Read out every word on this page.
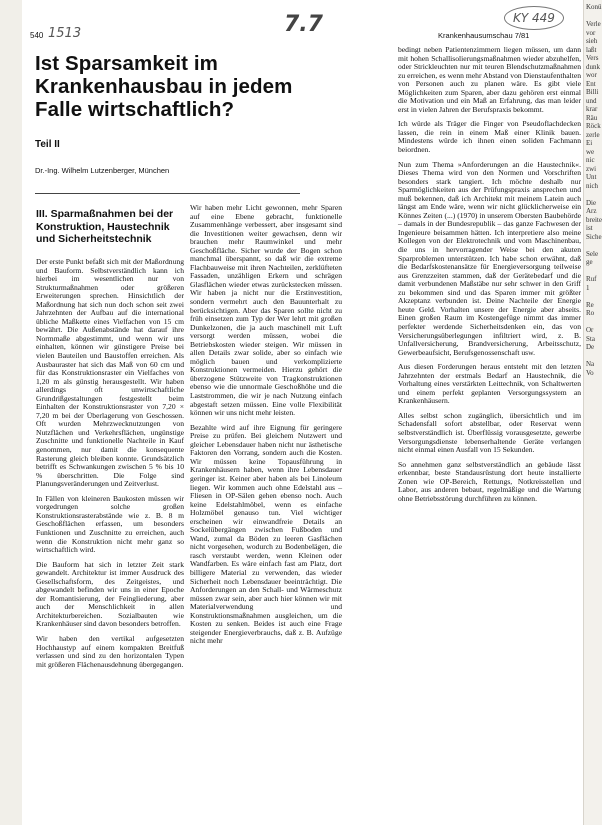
540 1513	7.7	KY 449
Krankenhausumschau 7/81
Ist Sparsamkeit im Krankenhausbau in jedem Falle wirtschaftlich?
Teil II
Dr.-Ing. Wilhelm Lutzenberger, München
III. Sparmaßnahmen bei der Konstruktion, Haustechnik und Sicherheitstechnik

Der erste Punkt befaßt sich mit der Maßordnung und Bauform. Selbstverständlich kann ich hierbei im wesentlichen nur von Strukturmaßnahmen oder größeren Erweiterungen sprechen. Hinsichtlich der Maßordnung hat sich nun doch schon seit zwei Jahrzehnten der Aufbau auf die international übliche Maßkette eines Vielfachen von 15 cm bewährt. Die Außenabstände hat darauf ihre Normmaße abgestimmt, und wenn wir uns einhalten, können wir günstigere Preise bei vielen Bauteilen und Baustoffen erreichen. Als Ausbauraster hat sich das Maß von 60 cm und für das Konstruktionsraster ein Vielfaches von 1,20 m als günstig herausgestellt. Wir haben allerdings oft unwirtschaftliche Grundrißgestaltungen festgestellt beim Einhalten der Konstruktionsraster von 7,20 × 7,20 m bei der Überlagerung von Geschossen. Oft wurden Mehrzwecknutzungen von Nutzflächen und Verkehrsflächen, ungünstige Zuschnitte und funktionelle Nachteile in Kauf genommen, nur damit die konsequente Rasterung gleich bleiben konnte. Grundsätzlich betrifft es Schwankungen zwischen 5 % bis 10 % überschritten. Die Folge sind Planungsveränderungen und Zeitverlust.

In Fällen von kleineren Baukosten müssen wir vorgedrungen solche großen Konstruktionsrasterabstände wie z. B. 8 m Geschoßflächen erfassen, um besonders Funktionen und Zuschnitte zu erreichen, auch wenn die Konstruktion nicht mehr ganz so wirtschaftlich wird.

Die Bauform hat sich in letzter Zeit stark gewandelt. Architektur ist immer Ausdruck des Gesellschaftsform, des Zeitgeistes, und abgewandelt befinden wir uns in einer Epoche der Romantisierung, der Feingliederung, aber auch der Menschlichkeit in allen Architekturbereichen. Sozialbauten wie Krankenhäuser sind davon besonders betroffen.

Wir haben den vertikal aufgesetzten Hochhaustyp auf einem kompakten Breitfuß verlassen und sind zu den horizontalen Typen mit größeren Flächenausdehnung übergegangen.

Wir haben mehr Licht gewonnen, mehr Sparen auf eine Ebene gebracht, funktionelle Zusammenhänge verbessert, aber insgesamt sind die Investitionen weiter gewachsen, denn wir brauchen mehr Raumwinkel und mehr Geschoßfläche. Sicher wurde der Bogen schon manchmal überspannt, so daß wir die extreme Flachbauweise mit ihren Nachteilen, zerklüfteten Fassaden, unzähligen Erkern und schrägen Glasflächen wieder etwas zurückstecken müssen. Wir haben ja nicht nur die Erstinvestition, sondern vermehrt auch den Bauunterhalt zu berücksichtigen. Aber das Sparen sollte nicht zu früh einsetzen zum Typ der Wer lehrt mit großen Dunkelzonen, die ja auch maschinell mit Luft versorgt werden müssen, wobei die Betriebskosten wieder steigen. Wir müssen in allen Details zwar solide, aber so einfach wie möglich bauen und verkomplizierte Konstruktionen vermeiden. Hierzu gehört die überzogene Stützweite von Tragkonstruktionen ebenso wie die unnormale Geschoßhöhe und die Laststrommen, die wir je nach Nutzung einfach abgestaft setzen müssen. Eine volle Flexibilität können wir uns nicht mehr leisten.

Bezahlte wird auf ihre Eignung für geringere Preise zu prüfen. Bei gleichem Nutzwert und gleicher Lebensdauer haben nicht nur ästhetische Faktoren den Vorrang, sondern auch die Kosten. Wir müssen keine Topausführung in Krankenhäusern haben, wenn ihre Lebensdauer geringer ist. Keiner aber haben als bei Linoleum liegen. Wir kommen auch ohne Edelstahl aus – Fliesen in OP-Sälen gehen ebenso noch. Auch keine Edelstahlmöbel, wenn es einfache Holzmöbel genauso tun. Viel wichtiger erscheinen wir einwandfreie Details an Sockelübergängen zwischen Fußboden und Wand, zumal da Böden zu leeren Gasflächen nicht vorgesehen, wodurch zu Bodenbelägen, die rasch verstaubt werden, wenn Kleinen oder Wandfarben. Es wäre einfach fast am Platz, dort billigere Material zu verwenden, das wieder Sicherheit noch Lebensdauer beeinträchtigt. Die Anforderungen an den Schall- und Wärmeschutz müssen zwar sein, aber auch hier können wir mit Materialverwendung und Konstruktionsmaßnahmen ausgleichen, um die Kosten zu senken. Beides ist auch eine Frage steigender Energieverbrauchs, daß z. B. Aufzüge nicht mehr

bedingt neben Patientenzimmern liegen müssen, um dann mit hohen Schallisolierungsmaßnahmen wieder abzuhelfen, oder Strickleuchten nur mit teuren Blendschutzmaßnahmen zu erreichen, es wenn mehr Abstand von Dienstaufenthalten von Personen auch zu planen wäre. Es gibt viele Möglichkeiten zum Sparen, aber dazu gehören erst einmal die Motivation und ein Maß an Erfahrung, das man leider erst in vielen Jahren der Berufspraxis bekommt.

Ich würde als Träger die Finger von Pseudoflachdecken lassen, die rein in einem Maß einer Klinik bauen. Mindestens würde ich ihnen einen soliden Fachmann beiordnen.

Nun zum Thema »Anforderungen an die Haustechnik«. Dieses Thema wird von den Normen und Vorschriften besonders stark tangiert. Ich möchte deshalb nur Sparmöglichkeiten aus der Prüfungspraxis ansprechen und muß bekennen, daß ich Architekt mit meinem Latein auch längst am Ende wäre, wenn wir nicht glücklicherweise ein Könnes Zeiten (...) (1970) in unserem Obersten Baubehörde – damals in der Bundesrepublik – das ganze Fachwesen der Ingenieure beisammen hätten. Ich interpretiere also meine Kollegen von der Elektrotechnik und vom Maschinenbau, die uns in hervorragender Weise bei den akuten Sparproblemen unterstützen. Ich habe schon erwähnt, daß die Bedarfskostenansätze für Energieversorgung teilweise aus Grenzzeiten stammen, daß der Gerätebedarf und die damit verbundenen Maßstäbe nur sehr schwer in den Griff zu bekommen sind und das Sparen immer mit größter Akzeptanz verbunden ist. Deine Nachteile der Energie heute Geld. Vorhalten unsere der Energie aber abseits. Einen großen Raum im Kostengefüge nimmt das immer perfekter werdende Sicherheitsdenken ein, das von Versicherungsüberlegungen infiltriert wird, z. B. Unfallversicherung, Brandversicherung, Arbeitsschutz, Gewerbeaufsicht, Berufsgenossenschaft usw.

Aus diesen Forderungen heraus entsteht mit den letzten Jahrzehnten der erstmals Bedarf an Haustechnik, die Vorhaltung eines verstärkten Leittechnik, von Schaltwerten und einem perfekt geplanten Versorgungssystem an Krankenhäusern.

Alles selbst schon zugänglich, übersichtlich und im Schadensfall sofort abstellbar, oder Reservat wenn selbstverständlich ist. Überflüssig vorausgesetzte, gewerbe Versorgungsdienste lebenserhaltende Geräte verlangen nicht einmal einen Ausfall von 15 Sekunden.

So annehmen ganz selbstverständlich an gebäude lässt erkennbar, beste Standausrüstung dort heute installierte Zonen wie OP-Bereich, Rettungs, Notkreisstellen und Labor, aus anderen bebaut, regelmäßige und die Wartung ohne Betriebsstörung durchführen zu können.

Konü

Verle
vor
sieh
laßt
Vers
dunk
wor
Ent
Billi
und
krar
Räu
Röck
zerle
Ei
we
nic
zwi
Unt
nich

Die
Arz
breite
ist
Siche

Sele
ge

Ruf
1

Re
Ro

Or
Sta
De

Na
Vo
